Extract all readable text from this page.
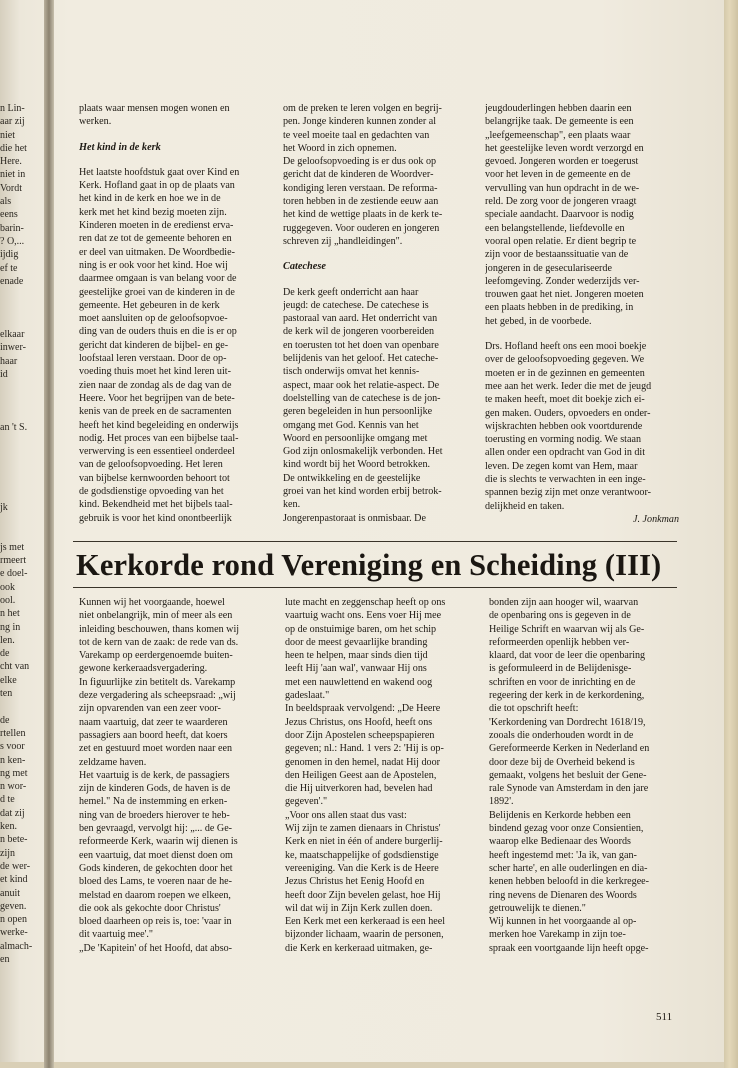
n Lin-
aar zij
niet
die het
Here.
niet in
Vordt
als
eens
barin-
? O,...
ijdig
ef te
enade

elkaar
inwer-
haar
id

an 't S.

jk

js met
rmeert
e doel-
ook
ool.
n het
ng in
len.
de
cht van
elke
ten

de
rtellen
s voor
n ken-
ng met
n wor-
d te
dat zij
ken.
n bete-
zijn
de wer-
et kind
anuit
geven.
n open
werke-
almach-
en

plaats waar mensen mogen wonen en
werken.

Het kind in de kerk

Het laatste hoofdstuk gaat over Kind en
Kerk. Hofland gaat in op de plaats van
het kind in de kerk en hoe we in de
kerk met het kind bezig moeten zijn.
Kinderen moeten in de eredienst erva-
ren dat ze tot de gemeente behoren en
er deel van uitmaken. De Woordbedie-
ning is er ook voor het kind. Hoe wij
daarmee omgaan is van belang voor de
geestelijke groei van de kinderen in de
gemeente. Het gebeuren in de kerk
moet aansluiten op de geloofsopvoe-
ding van de ouders thuis en die is er op
gericht dat kinderen de bijbel- en ge-
loofstaal leren verstaan. Door de op-
voeding thuis moet het kind leren uit-
zien naar de zondag als de dag van de
Heere. Voor het begrijpen van de bete-
kenis van de preek en de sacramenten
heeft het kind begeleiding en onderwijs
nodig. Het proces van een bijbelse taal-
verwerving is een essentieel onderdeel
van de geloofsopvoeding. Het leren
van bijbelse kernwoorden behoort tot
de godsdienstige opvoeding van het
kind. Bekendheid met het bijbels taal-
gebruik is voor het kind onontbeerlijk

om de preken te leren volgen en begrij-
pen. Jonge kinderen kunnen zonder al
te veel moeite taal en gedachten van
het Woord in zich opnemen.
De geloofsopvoeding is er dus ook op
gericht dat de kinderen de Woordver-
kondiging leren verstaan. De reforma-
toren hebben in de zestiende eeuw aan
het kind de wettige plaats in de kerk te-
ruggegeven. Voor ouderen en jongeren
schreven zij „handleidingen".

Catechese

De kerk geeft onderricht aan haar
jeugd: de catechese. De catechese is
pastoraal van aard. Het onderricht van
de kerk wil de jongeren voorbereiden
en toerusten tot het doen van openbare
belijdenis van het geloof. Het cateche-
tisch onderwijs omvat het kennis-
aspect, maar ook het relatie-aspect. De
doelstelling van de catechese is de jon-
geren begeleiden in hun persoonlijke
omgang met God. Kennis van het
Woord en persoonlijke omgang met
God zijn onlosmakelijk verbonden. Het
kind wordt bij het Woord betrokken.
De ontwikkeling en de geestelijke
groei van het kind worden erbij betrok-
ken.
Jongerenpastoraat is onmisbaar. De

jeugdouderlingen hebben daarin een
belangrijke taak. De gemeente is een
„leefgemeenschap", een plaats waar
het geestelijke leven wordt verzorgd en
gevoed. Jongeren worden er toegerust
voor het leven in de gemeente en de
vervulling van hun opdracht in de we-
reld. De zorg voor de jongeren vraagt
speciale aandacht. Daarvoor is nodig
een belangstellende, liefdevolle en
vooral open relatie. Er dient begrip te
zijn voor de bestaanssituatie van de
jongeren in de geseculariseerde
leefomgeving. Zonder wederzijds ver-
trouwen gaat het niet. Jongeren moeten
een plaats hebben in de prediking, in
het gebed, in de voorbede.

Drs. Hofland heeft ons een mooi boekje
over de geloofsopvoeding gegeven. We
moeten er in de gezinnen en gemeenten
mee aan het werk. Ieder die met de jeugd
te maken heeft, moet dit boekje zich ei-
gen maken. Ouders, opvoeders en onder-
wijskrachten hebben ook voortdurende
toerusting en vorming nodig. We staan
allen onder een opdracht van God in dit
leven. De zegen komt van Hem, maar
die is slechts te verwachten in een inge-
spannen bezig zijn met onze verantwoor-
delijkheid en taken.

J. Jonkman

Kerkorde rond Vereniging en Scheiding (III)

Kunnen wij het voorgaande, hoewel
niet onbelangrijk, min of meer als een
inleiding beschouwen, thans komen wij
tot de kern van de zaak: de rede van ds.
Varekamp op eerdergenoemde buiten-
gewone kerkeraadsvergadering.
In figuurlijke zin betitelt ds. Varekamp
deze vergadering als scheepsraad: „wij
zijn opvarenden van een zeer voor-
naam vaartuig, dat zeer te waarderen
passagiers aan boord heeft, dat koers
zet en gestuurd moet worden naar een
zeldzame haven.
Het vaartuig is de kerk, de passagiers
zijn de kinderen Gods, de haven is de
hemel." Na de instemming en erken-
ning van de broeders hierover te heb-
ben gevraagd, vervolgt hij: „... de Ge-
reformeerde Kerk, waarin wij dienen is
een vaartuig, dat moet dienst doen om
Gods kinderen, de gekochten door het
bloed des Lams, te voeren naar de he-
melstad en daarom roepen we elkeen,
die ook als gekochte door Christus'
bloed daarheen op reis is, toe: 'vaar in
dit vaartuig mee'."
„De 'Kapitein' of het Hoofd, dat abso-

lute macht en zeggenschap heeft op ons
vaartuig wacht ons. Eens voer Hij mee
op de onstuimige baren, om het schip
door de meest gevaarlijke branding
heen te helpen, maar sinds dien tijd
leeft Hij 'aan wal', vanwaar Hij ons
met een nauwlettend en wakend oog
gadeslaat."
In beeldspraak vervolgend: „De Heere
Jezus Christus, ons Hoofd, heeft ons
door Zijn Apostelen scheepspapieren
gegeven; nl.: Hand. 1 vers 2: 'Hij is op-
genomen in den hemel, nadat Hij door
den Heiligen Geest aan de Apostelen,
die Hij uitverkoren had, bevelen had
gegeven'."
„Voor ons allen staat dus vast:
Wij zijn te zamen dienaars in Christus'
Kerk en niet in één of andere burgerlij-
ke, maatschappelijke of godsdienstige
vereeniging. Van die Kerk is de Heere
Jezus Christus het Eenig Hoofd en
heeft door Zijn bevelen gelast, hoe Hij
wil dat wij in Zijn Kerk zullen doen.
Een Kerk met een kerkeraad is een heel
bijzonder lichaam, waarin de personen,
die Kerk en kerkeraad uitmaken, ge-

bonden zijn aan hooger wil, waarvan
de openbaring ons is gegeven in de
Heilige Schrift en waarvan wij als Ge-
reformeerden openlijk hebben ver-
klaard, dat voor de leer die openbaring
is geformuleerd in de Belijdenisge-
schriften en voor de inrichting en de
regeering der kerk in de kerkordening,
die tot opschrift heeft:
'Kerkordening van Dordrecht 1618/19,
zooals die onderhouden wordt in de
Gereformeerde Kerken in Nederland en
door deze bij de Overheid bekend is
gemaakt, volgens het besluit der Gene-
rale Synode van Amsterdam in den jare
1892'.
Belijdenis en Kerkorde hebben een
bindend gezag voor onze Consientien,
waarop elke Bedienaar des Woords
heeft ingestemd met: 'Ja ik, van gan-
scher harte', en alle ouderlingen en dia-
kenen hebben beloofd in die kerkregee-
ring nevens de Dienaren des Woords
getrouwelijk te dienen."
Wij kunnen in het voorgaande al op-
merken hoe Varekamp in zijn toe-
spraak een voortgaande lijn heeft opge-

511
